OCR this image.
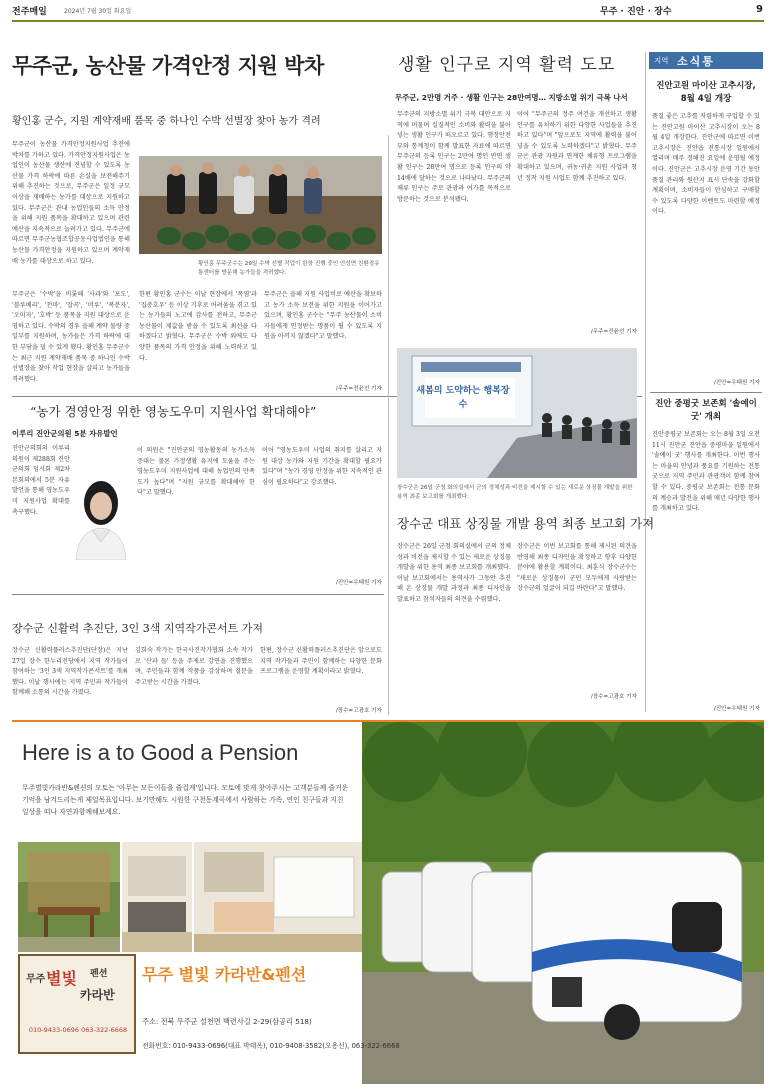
전주매일	2024년 7월 30일 화요일	무주 · 진안 · 장수	9
무주군, 농산물 가격안정 지원 박차
황인홍 군수, 지원 계약재배 품목 중 하나인 수박 선별장 찾아 농가 격려
무주군이 농산물 가격안정지원사업 추진에 박차를 가하고 있다. 가격안정지원사업은 농업인이 농산물 생산에 전념할 수 있도록 농산물 가격 하락에 따른 손실을 보전해주기 위해 추진하는 것으로, 무주군은 일정 규모 이상을 재배하는 농가를 대상으로 지원하고 있다. 무주군은 관내 농업인들의 소득 안정을 위해 지원 품목을 확대하고 있으며 관련 예산을 지속적으로 늘려가고 있다. 무주군에 따르면 무주군농협조합공동사업법인을 통해 농산물 가격안정을 지원하고 있으며 계약재배 농가를 대상으로 하고 있다.	황인홍 무주군수는 29일 수박 선별 작업이 한창 진행 중인 안성면 친환경유통센터를 방문해 농가들을 격려했다.
무주군은 '수박'을 비롯해 '사과'와 '포도', '블루베리', '천마', '잡곡', '머루', '복분자', '오미자', '호박' 등 품목을 지원 대상으로 운영하고 있다. 수박의 경우 올해 계약 물량 중 일부를 지원하며, 농가들은 가격 하락에 대한 부담을 덜 수 있게 됐다. 황인홍 무주군수는 최근 지원 계약재배 품목 중 하나인 수박 선별장을 찾아 작업 현장을 살피고 농가들을 격려했다.
한편 황인홍 군수는 이날 현장에서 '폭염'과 '집중호우' 등 이상 기후로 어려움을 겪고 있는 농가들의 노고에 감사를 전하고, 무주군 농산물이 제값을 받을 수 있도록 최선을 다하겠다고 밝혔다. 무주군은 수박 외에도 다양한 품목의 가격 안정을 위해 노력하고 있다.
무주군은 올해 지원 사업비로 예산을 확보하고 농가 소득 보전을 위한 지원을 이어가고 있으며, 황인홍 군수는 "무주 농산물이 소비자들에게 인정받는 명품이 될 수 있도록 지원을 아끼지 않겠다"고 말했다.
/무주=전윤선 기자
생활 인구로 지역 활력 도모
무주군, 2만명 거주 · 생활 인구는 28만여명… 지방소멸 위기 극복 나서
무주군의 지방소멸 위기 극복 대안으로 지역에 머물며 실질적인 소비와 활력을 불어넣는 생활 인구가 떠오르고 있다. 행정안전부와 통계청이 함께 발표한 자료에 따르면 무주군의 등록 인구는 2만여 명인 반면 생활 인구는 28만여 명으로 등록 인구의 약 14배에 달하는 것으로 나타났다. 무주군의 체류 인구는 주로 관광과 여가를 목적으로 방문하는 것으로 분석됐다.
이어 "무주군의 정주 여건을 개선하고 생활 인구를 유치하기 위한 다양한 사업들을 추진하고 있다"며 "앞으로도 지역에 활력을 불어넣을 수 있도록 노력하겠다"고 밝혔다. 무주군은 관광 자원과 연계한 체류형 프로그램을 확대하고 있으며, 귀농·귀촌 지원 사업과 청년 정착 지원 사업도 함께 추진하고 있다.
/무주=전윤선 기자
지역 소식통
진안고원 마이산 고추시장, 8월 4일 개장
품질 좋은 고추를 저렴하게 구입할 수 있는 진안고원 마이산 고추시장이 오는 8월 4일 개장한다. 진안군에 따르면 이번 고추시장은 진안읍 전통시장 일원에서 열리며 매주 정해진 요일에 운영될 예정이다. 진안군은 고추시장 운영 기간 동안 품질 관리와 원산지 표시 단속을 강화할 계획이며, 소비자들이 안심하고 구매할 수 있도록 다양한 이벤트도 마련할 예정이다.
/진안=우태원 기자
“농가 경영안정 위한 영농도우미 지원사업 확대해야”
이루리 진안군의원 5분 자유발언
진안군의회의 이루리 의원이 제288회 진안군의회 임시회 제2차 본회의에서 5분 자유발언을 통해 영농도우미 지원사업 확대를 촉구했다.
이 의원은 "진안군의 영농활동의 농가소득 증대는 물론 가정생활 유지에 도움을 주는 영농도우미 지원사업에 대해 농업인의 만족도가 높다"며 "지원 규모를 확대해야 한다"고 말했다.
이어 "영농도우미 사업의 취지를 살리고 지원 대상 농가와 지원 기간을 확대할 필요가 있다"며 "농가 경영 안정을 위한 지속적인 관심이 필요하다"고 강조했다.
/진안=우태원 기자
새봄의 도약하는 행복장수
장수군은 26일 군청 회의실에서 군의 정체성과 비전을 제시할 수 있는 새로운 상징물 개발을 위한 용역 최종 보고회를 개최했다.
장수군 대표 상징물 개발 용역 최종 보고회 가져
장수군은 26일 군청 회의실에서 군의 정체성과 비전을 제시할 수 있는 새로운 상징물 개발을 위한 용역 최종 보고회를 개최했다. 이날 보고회에서는 용역사가 그동안 추진해 온 상징물 개발 과정과 최종 디자인을 발표하고 참석자들의 의견을 수렴했다.
장수군은 이번 보고회를 통해 제시된 의견을 반영해 최종 디자인을 확정하고 향후 다양한 분야에 활용할 계획이다. 최훈식 장수군수는 "새로운 상징물이 군민 모두에게 사랑받는 장수군의 얼굴이 되길 바란다"고 말했다.
/장수=고광호 기자
장수군 신활력 추진단, 3인 3색 지역작가콘서트 가져
장수군 신활력플러스추진단(단장)은 지난 27일 장수 한누리전당에서 지역 작가들이 참여하는 '3인 3색 지역작가콘서트'를 개최했다. 이날 행사에는 지역 주민과 작가들이 함께해 소통의 시간을 가졌다.
김희숙 작가는 한국사진작가협회 소속 작가로 '산과 들' 등을 주제로 강연을 진행했으며, 주민들과 함께 작품을 감상하며 질문을 주고받는 시간을 가졌다.
한편, 장수군 신활력플러스추진단은 앞으로도 지역 작가들과 주민이 함께하는 다양한 문화 프로그램을 운영할 계획이라고 밝혔다.
/장수=고광호 기자
진안 중평굿 보존회 '솔예이 굿' 개최
진안중평굿 보존회는 오는 8월 3일 오전 11시 진안군 진안읍 중평마을 일원에서 '솔예이 굿' 행사를 개최한다. 이번 행사는 마을의 안녕과 풍요를 기원하는 전통 굿으로 지역 주민과 관광객이 함께 참여할 수 있다. 중평굿 보존회는 전통 문화의 계승과 발전을 위해 매년 다양한 행사를 개최하고 있다.
/진안=우태원 기자
Here is a to Good a Pension
무주별빛카라반&펜션의 모토는 '아무는 모든이들을 즐겁게'입니다. 모토에 맞게 찾아주시는 고객분들께 즐거운 기억을 남겨드리는게 제일목표입니다. 보기만해도 시원한 구천동계곡에서 사람하는 가족, 연인 친구들과 지친 일상을 떠나 자연과함께해보세요.
무주 별빛
카라반
펜션
010-9433-0696 063-322-6668
무주 별빛 카라반&펜션
주소: 전북 무주군 설천면 백련사길 2-29(삼공리 518)
전화번호: 010-9433-0696(대표 박태옥), 010-9408-3582(오용선), 063-322-6668
